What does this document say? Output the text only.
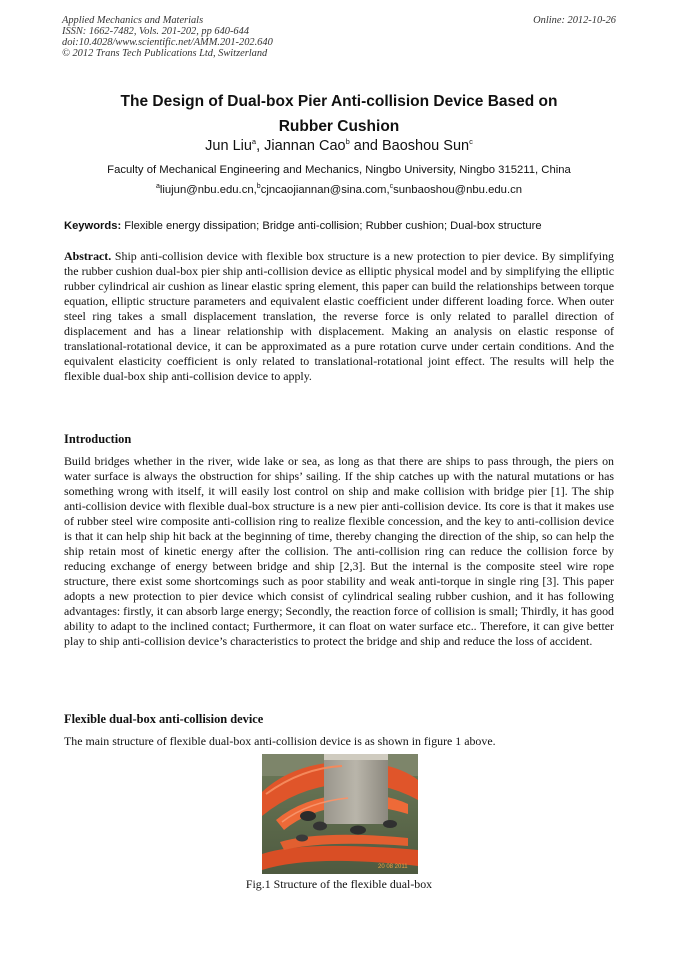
Applied Mechanics and Materials
ISSN: 1662-7482, Vols. 201-202, pp 640-644
doi:10.4028/www.scientific.net/AMM.201-202.640
© 2012 Trans Tech Publications Ltd, Switzerland
Online: 2012-10-26
The Design of Dual-box Pier Anti-collision Device Based on
Rubber Cushion
Jun Liu$^a$, Jiannan Cao$^b$ and Baoshou Sun$^c$
Faculty of Mechanical Engineering and Mechanics, Ningbo University, Ningbo 315211, China
$^a$liujun@nbu.edu.cn,$^b$cjncaojiannan@sina.com,$^c$sunbaoshou@nbu.edu.cn
Keywords: Flexible energy dissipation; Bridge anti-collision; Rubber cushion; Dual-box structure

Abstract. Ship anti-collision device with flexible box structure is a new protection to pier device. By simplifying the rubber cushion dual-box pier ship anti-collision device as elliptic physical model and by simplifying the elliptic rubber cylindrical air cushion as linear elastic spring element, this paper can build the relationships between torque equation, elliptic structure parameters and equivalent elastic coefficient under different loading force. When outer steel ring takes a small displacement translation, the reverse force is only related to parallel direction of displacement and has a linear relationship with displacement. Making an analysis on elastic response of translational-rotational device, it can be approximated as a pure rotation curve under certain conditions. And the equivalent elasticity coefficient is only related to translational-rotational joint effect. The results will help the flexible dual-box ship anti-collision device to apply.

Introduction

Build bridges whether in the river, wide lake or sea, as long as that there are ships to pass through, the piers on water surface is always the obstruction for ships’ sailing. If the ship catches up with the natural mutations or has something wrong with itself, it will easily lost control on ship and make collision with bridge pier [1]. The ship anti-collision device with flexible dual-box structure is a new pier anti-collision device. Its core is that it makes use of rubber steel wire composite anti-collision ring to realize flexible concession, and the key to anti-collision device is that it can help ship hit back at the beginning of time, thereby changing the direction of the ship, so can help the ship retain most of kinetic energy after the collision. The anti-collision ring can reduce the collision force by reducing exchange of energy between bridge and ship [2,3]. But the internal is the composite steel wire rope structure, there exist some shortcomings such as poor stability and weak anti-torque in single ring [3]. This paper adopts a new protection to pier device which consist of cylindrical sealing rubber cushion, and it has following advantages: firstly, it can absorb large energy; Secondly, the reaction force of collision is small; Thirdly, it has good ability to adapt to the inclined contact; Furthermore, it can float on water surface etc.. Therefore, it can give better play to ship anti-collision device’s characteristics to protect the bridge and ship and reduce the loss of accident.

Flexible dual-box anti-collision device

The main structure of flexible dual-box anti-collision device is as shown in figure 1 above.

20 08 2011
Fig.1 Structure of the flexible dual-box
